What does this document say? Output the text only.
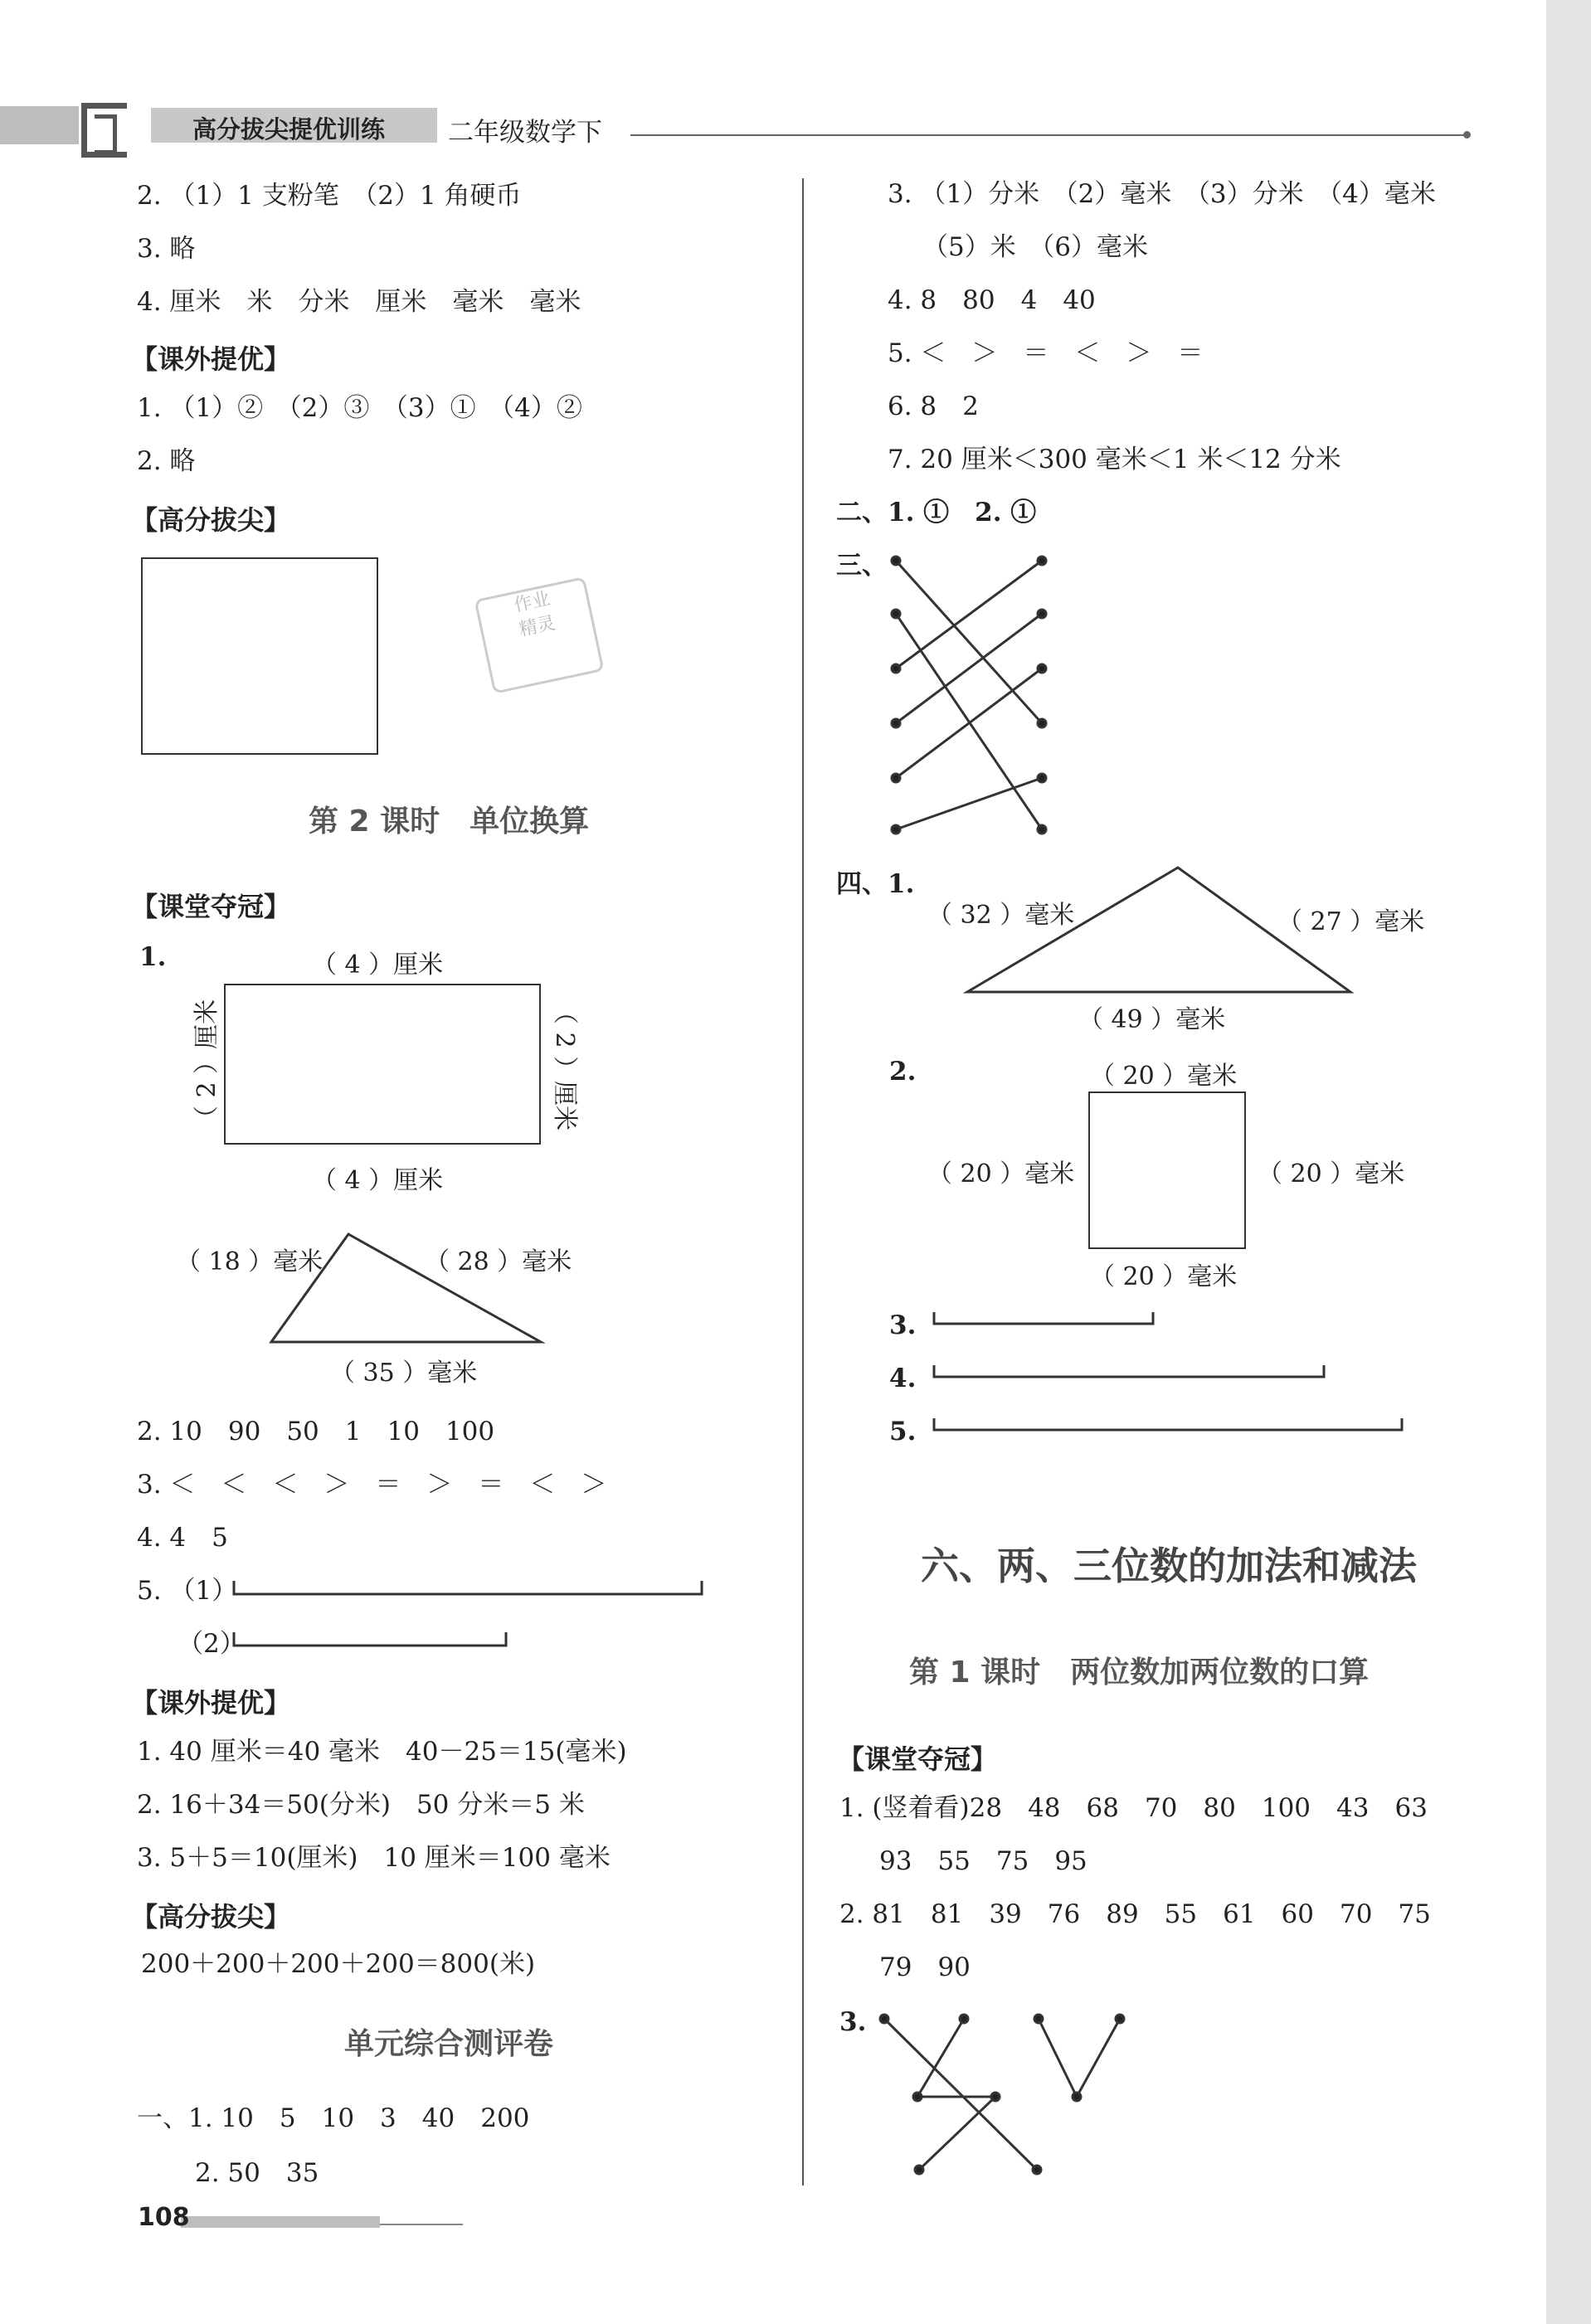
高分拔尖提优训练 二年级数学下
2. （1）1 支粉笔　（2）1 角硬币
3. 略
4. 厘米　米　分米　厘米　毫米　毫米
【课外提优】
1. （1）②　（2）③　（3）①　（4）②
2. 略
【高分拔尖】
作业
精灵
第 2 课时　单位换算
【课堂夺冠】
1.	（ 4 ）厘米
（ 4 ）厘米
（ 2 ）厘米	（ 2 ）厘米
（ 18 ）毫米	（ 28 ）毫米
（ 35 ）毫米
2. 10　90　50　1　10　100
3. ＜　＜　＜　＞　＝　＞　＝　＜　＞
4. 4　5
5. （1）
（2）
【课外提优】
1. 40 厘米＝40 毫米　40－25＝15(毫米)
2. 16＋34＝50(分米)　50 分米＝5 米
3. 5＋5＝10(厘米)　10 厘米＝100 毫米
【高分拔尖】
200＋200＋200＋200＝800(米)
单元综合测评卷
一、1. 10　5　10　3　40　200
2. 50　35
108
3. （1）分米　（2）毫米　（3）分米　（4）毫米
（5）米　（6）毫米
4. 8　80　4　40
5. ＜　＞　＝　＜　＞　＝
6. 8　2
7. 20 厘米＜300 毫米＜1 米＜12 分米
二、1. ①　2. ①
三、
四、1.
（ 32 ）毫米	（ 27 ）毫米
（ 49 ）毫米
2.	（ 20 ）毫米
（ 20 ）毫米	（ 20 ）毫米
（ 20 ）毫米
3.
4.
5.
六、两、三位数的加法和减法
第 1 课时　两位数加两位数的口算
【课堂夺冠】
1. (竖着看)28　48　68　70　80　100　43　63
93　55　75　95
2. 81　81　39　76　89　55　61　60　70　75
79　90
3.
